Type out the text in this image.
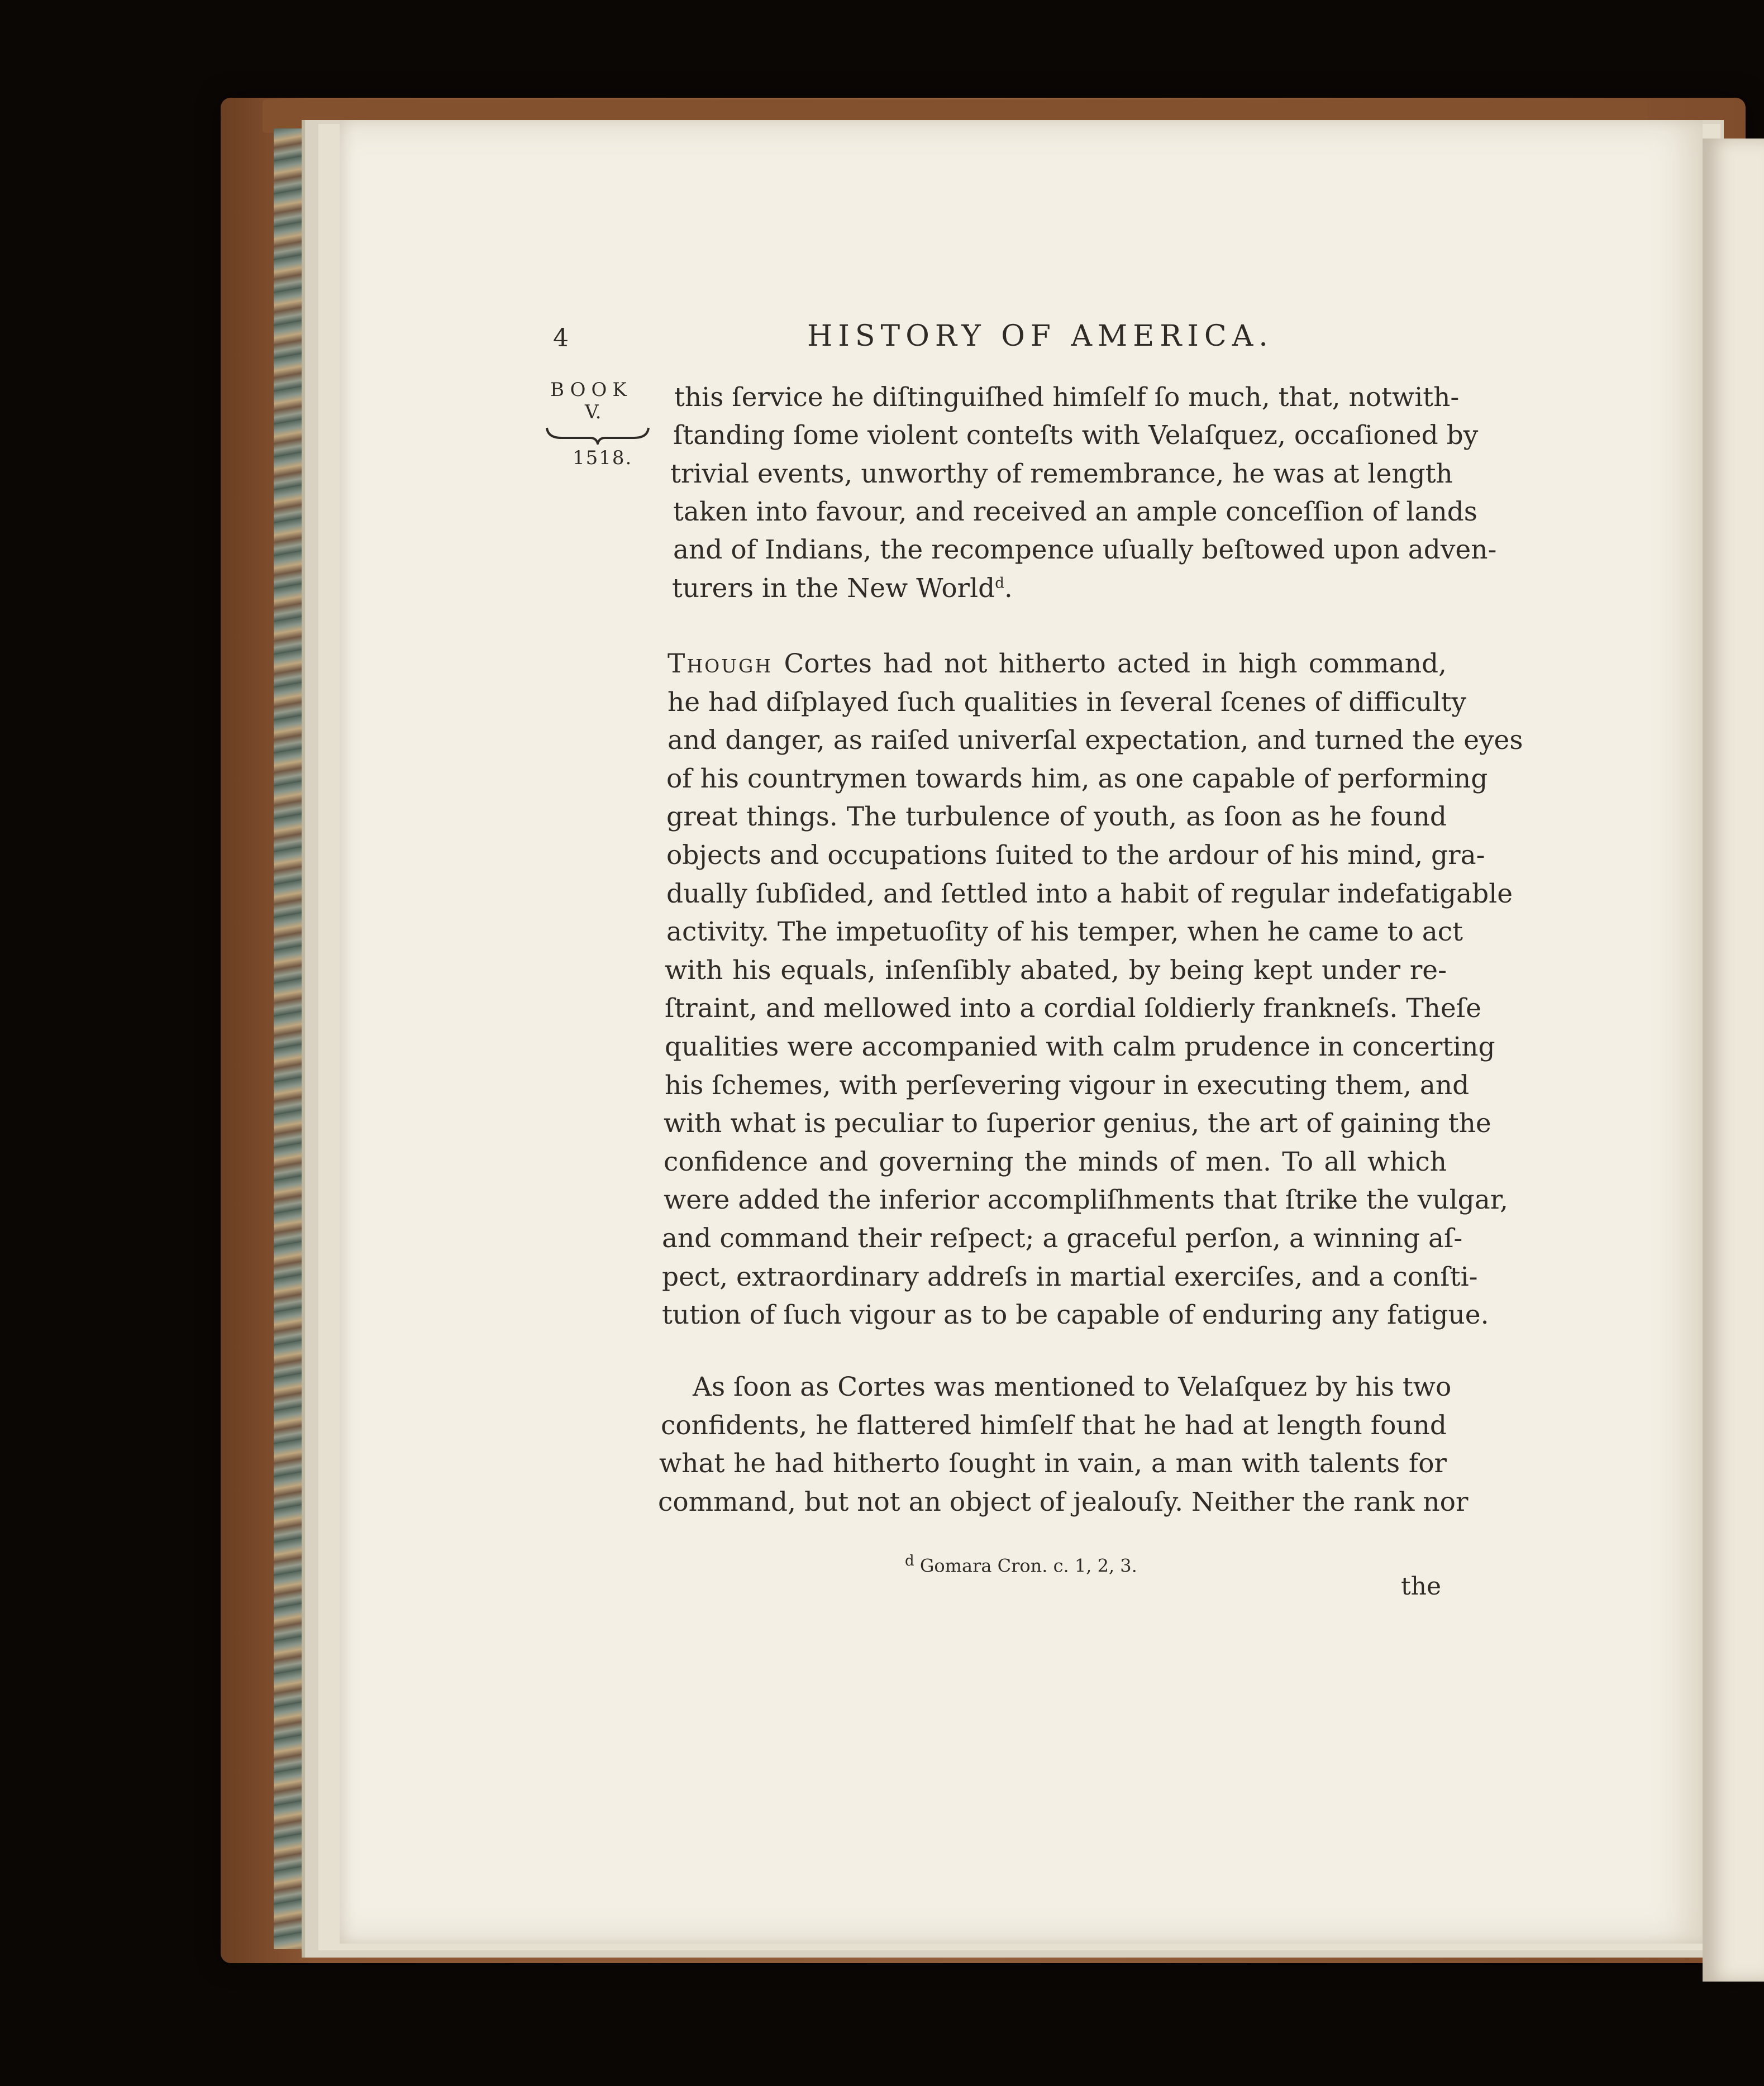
4	HISTORY OF AMERICA.
BOOK
V.
1518.
this ſervice he diſtinguiſhed himſelf ſo much, that, notwith-
ſtanding ſome violent conteſts with Velaſquez, occaſioned by
trivial events, unworthy of remembrance, he was at length
taken into favour, and received an ample conceſſion of lands
and of Indians, the recompence uſually beſtowed upon adven-
turers in the New World$^d$.
Though Cortes had not hitherto acted in high command,
he had diſplayed ſuch qualities in ſeveral ſcenes of difficulty
and danger, as raiſed univerſal expectation, and turned the eyes
of his countrymen towards him, as one capable of performing
great things. The turbulence of youth, as ſoon as he found
objects and occupations ſuited to the ardour of his mind, gra-
dually ſubſided, and ſettled into a habit of regular indefatigable
activity. The impetuoſity of his temper, when he came to act
with his equals, inſenſibly abated, by being kept under re-
ſtraint, and mellowed into a cordial ſoldierly frankneſs. Theſe
qualities were accompanied with calm prudence in concerting
his ſchemes, with perſevering vigour in executing them, and
with what is peculiar to ſuperior genius, the art of gaining the
confidence and governing the minds of men. To all which
were added the inferior accompliſhments that ſtrike the vulgar,
and command their reſpect; a graceful perſon, a winning aſ-
pect, extraordinary addreſs in martial exerciſes, and a conſti-
tution of ſuch vigour as to be capable of enduring any fatigue.
As ſoon as Cortes was mentioned to Velaſquez by his two
confidents, he flattered himſelf that he had at length found
what he had hitherto ſought in vain, a man with talents for
command, but not an object of jealouſy. Neither the rank nor
$^d$ Gomara Cron. c. 1, 2, 3.
the
